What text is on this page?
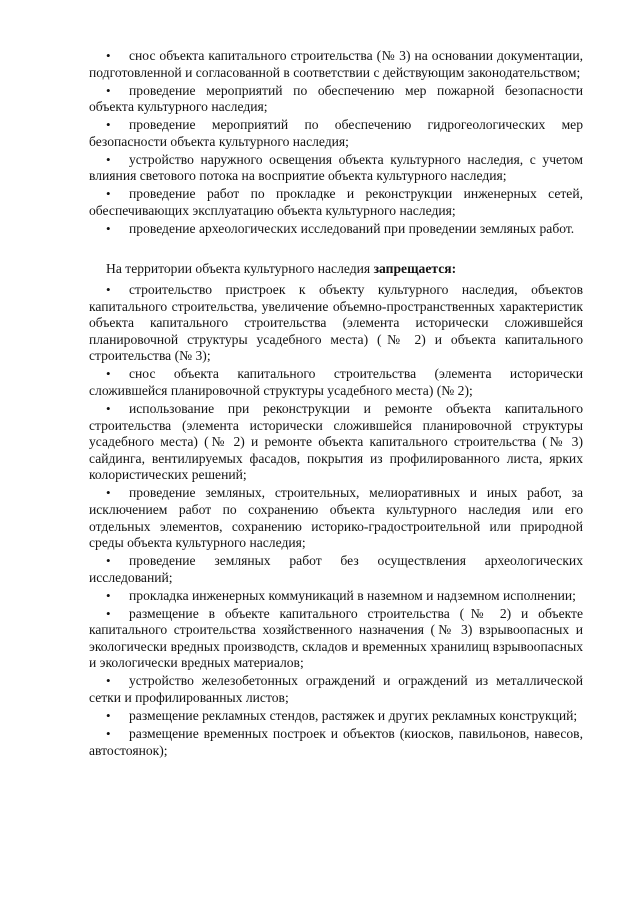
• снос объекта капитального строительства (№ 3) на основании документации, подготовленной и согласованной в соответствии с действующим законодательством;
• проведение мероприятий по обеспечению мер пожарной безопасности объекта культурного наследия;
• проведение мероприятий по обеспечению гидрогеологических мер безопасности объекта культурного наследия;
• устройство наружного освещения объекта культурного наследия, с учетом влияния светового потока на восприятие объекта культурного наследия;
• проведение работ по прокладке и реконструкции инженерных сетей, обеспечивающих эксплуатацию объекта культурного наследия;
• проведение археологических исследований при проведении земляных работ.

На территории объекта культурного наследия запрещается:

• строительство пристроек к объекту культурного наследия, объектов капитального строительства, увеличение объемно-пространственных характеристик объекта капитального строительства (элемента исторически сложившейся планировочной структуры усадебного места) (№ 2) и объекта капитального строительства (№ 3);
• снос объекта капитального строительства (элемента исторически сложившейся планировочной структуры усадебного места) (№ 2);
• использование при реконструкции и ремонте объекта капитального строительства (элемента исторически сложившейся планировочной структуры усадебного места) (№ 2) и ремонте объекта капитального строительства (№ 3) сайдинга, вентилируемых фасадов, покрытия из профилированного листа, ярких колористических решений;
• проведение земляных, строительных, мелиоративных и иных работ, за исключением работ по сохранению объекта культурного наследия или его отдельных элементов, сохранению историко-градостроительной или природной среды объекта культурного наследия;
• проведение земляных работ без осуществления археологических исследований;
• прокладка инженерных коммуникаций в наземном и надземном исполнении;
• размещение в объекте капитального строительства (№ 2) и объекте капитального строительства хозяйственного назначения (№ 3) взрывоопасных и экологически вредных производств, складов и временных хранилищ взрывоопасных и экологически вредных материалов;
• устройство железобетонных ограждений и ограждений из металлической сетки и профилированных листов;
• размещение рекламных стендов, растяжек и других рекламных конструкций;
• размещение временных построек и объектов (киосков, павильонов, навесов, автостоянок);
